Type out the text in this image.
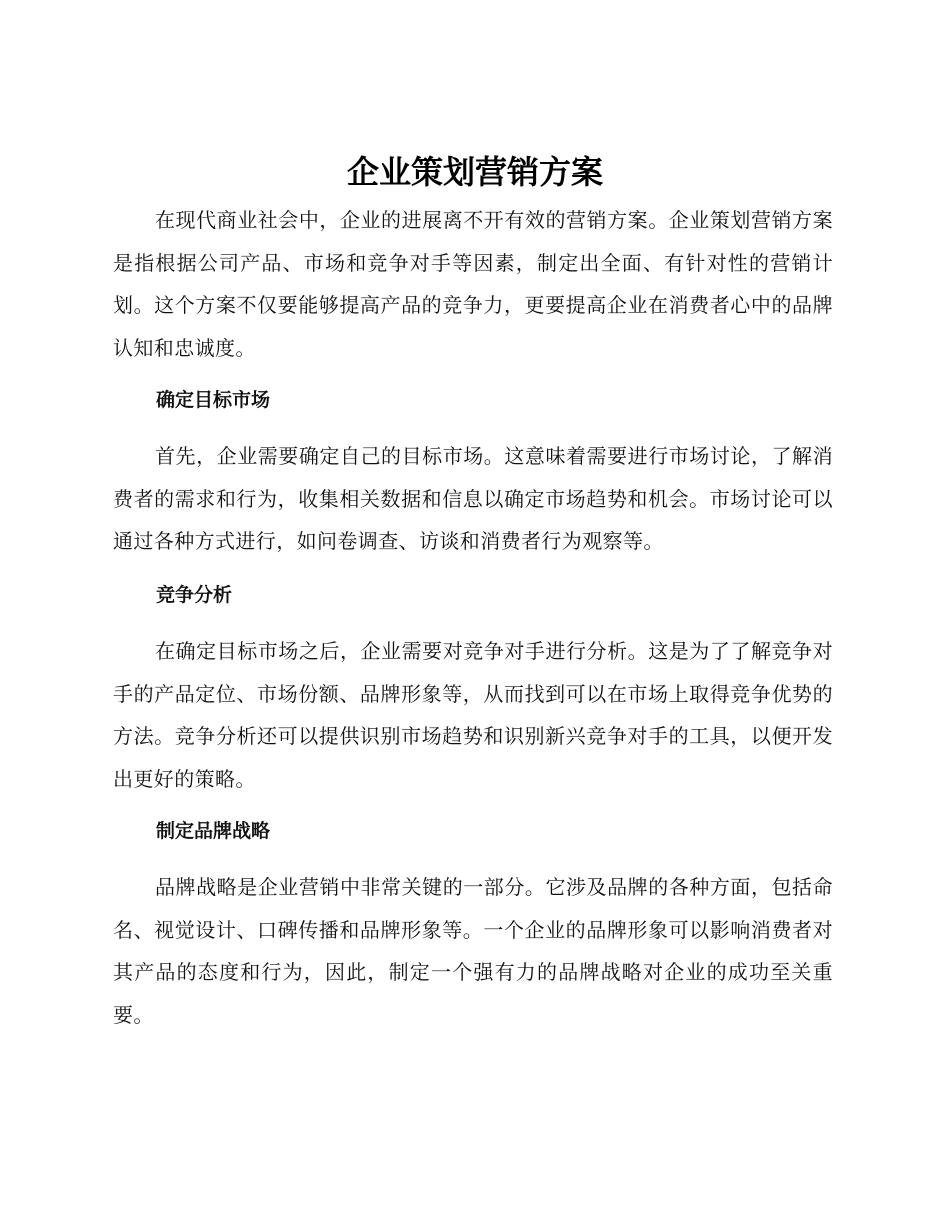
企业策划营销方案

在现代商业社会中，企业的进展离不开有效的营销方案。企业策划营销方案是指根据公司产品、市场和竞争对手等因素，制定出全面、有针对性的营销计划。这个方案不仅要能够提高产品的竞争力，更要提高企业在消费者心中的品牌认知和忠诚度。

确定目标市场

首先，企业需要确定自己的目标市场。这意味着需要进行市场讨论，了解消费者的需求和行为，收集相关数据和信息以确定市场趋势和机会。市场讨论可以通过各种方式进行，如问卷调查、访谈和消费者行为观察等。

竞争分析

在确定目标市场之后，企业需要对竞争对手进行分析。这是为了了解竞争对手的产品定位、市场份额、品牌形象等，从而找到可以在市场上取得竞争优势的方法。竞争分析还可以提供识别市场趋势和识别新兴竞争对手的工具，以便开发出更好的策略。

制定品牌战略

品牌战略是企业营销中非常关键的一部分。它涉及品牌的各种方面，包括命名、视觉设计、口碑传播和品牌形象等。一个企业的品牌形象可以影响消费者对其产品的态度和行为，因此，制定一个强有力的品牌战略对企业的成功至关重要。
